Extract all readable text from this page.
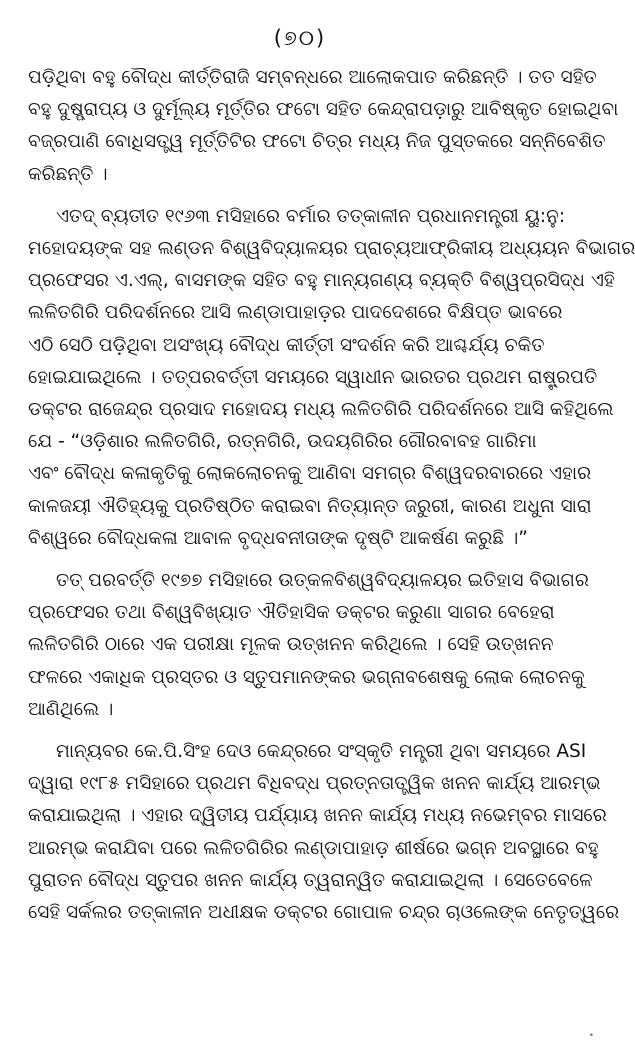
(୭୦)

ପଡ଼ିଥିବା ବହୁ ବୌଦ୍ଧ କୀର୍ତ୍ତିରାଜି ସମ୍ବନ୍ଧରେ ଆଲୋକପାତ କରିଛନ୍ତି । ତତ ସହିତ

ବହୁ ଦୁଷ୍ପ୍ରାପ୍ୟ ଓ ଦୁର୍ମୂଲ୍ୟ ମୂର୍ତ୍ତିର ଫଟୋ ସହିତ କେନ୍ଦ୍ରାପଡ଼ାରୁ ଆବିଷ୍କୃତ ହୋଇଥିବା

ବଜ୍ରପାଣି ବୋଧିସତ୍ତ୍ୱ ମୂର୍ତ୍ତିଟିର ଫଟୋ ଚିତ୍ର ମଧ୍ୟ ନିଜ ପୁସ୍ତକରେ ସନ୍ନିବେଶିତ

କରିଛନ୍ତି ।

ଏତଦ୍ ବ୍ୟତୀତ ୧୯୬୩ ମସିହାରେ ବର୍ମାର ତତ୍କାଳୀନ ପ୍ରଧାନମନ୍ତ୍ରୀ ୟୁ:ନୁ:

ମହୋଦୟଙ୍କ ସହ ଲଣ୍ଡନ ବିଶ୍ୱବିଦ୍ୟାଳୟର ପ୍ରାଚ୍ୟଆଫ୍ରିକୀୟ ଅଧ୍ୟୟନ ବିଭାଗର

ପ୍ରଫେସର ଏ.ଏଲ୍‌, ବାସମଙ୍କ ସହିତ ବହୁ ମାନ୍ୟଗଣ୍ୟ ବ୍ୟକ୍ତି ବିଶ୍ୱପ୍ରସିଦ୍ଧ ଏହି

ଲଳିତଗିରି ପରିଦର୍ଶନରେ ଆସି ଲଣ୍ଡାପାହାଡ଼ର ପାଦଦେଶରେ ବିକ୍ଷିପ୍ତ ଭାବରେ

ଏଠି ସେଠି ପଡ଼ିଥିବା ଅସଂଖ୍ୟ ବୌଦ୍ଧ କୀର୍ତ୍ତୀ ସଂଦର୍ଶନ କରି ଆଶ୍ଚର୍ଯ୍ୟ ଚକିତ

ହୋଇଯାଇଥିଲେ । ତତ୍‌ପରବର୍ତ୍ତୀ ସମୟରେ ସ୍ୱାଧୀନ ଭାରତର ପ୍ରଥମ ରାଷ୍ଟ୍ରପତି

ଡକ୍ଟର ରାଜେନ୍ଦ୍ର ପ୍ରସାଦ ମହୋଦୟ ମଧ୍ୟ ଲଳିତଗିରି ପରିଦର୍ଶନରେ ଆସି କହିଥିଲେ

ଯେ - “ଓଡ଼ିଶାର ଲଳିତଗିରି, ରତ୍ନଗିରି, ଉଦୟଗିରିର ଗୌରବାବହ ଗାରିମା

ଏବଂ ବୌଦ୍ଧ କଳାକୃତିକୁ ଲୋକଲୋଚନକୁ ଆଣିବା ସମଗ୍ର ବିଶ୍ୱଦରବାରରେ ଏହାର

କାଳଜୟୀ ଐତିହ୍ୟକୁ ପ୍ରତିଷ୍ଠିତ କରାଇବା ନିତ୍ୟାନ୍ତ ଜରୁରୀ, କାରଣ ଅଧୁନା ସାରା

ବିଶ୍ୱରେ ବୌଦ୍ଧକଳା ଆବାଳ ବୃଦ୍ଧବନୀତାଙ୍କ ଦୃଷ୍ଟି ଆକର୍ଷଣ କରୁଛି ।”

ତତ୍ ପରବର୍ତ୍ତି ୧୯୭୭ ମସିହାରେ ଉତ୍କଳବିଶ୍ୱବିଦ୍ୟାଳୟର ଇତିହାସ ବିଭାଗର

ପ୍ରଫେସର ତଥା ବିଶ୍ୱବିଖ୍ୟାତ ଐତିହାସିକ ଡକ୍ଟର କରୁଣା ସାଗର ବେହେରା

ଲଳିତଗିରି ଠାରେ ଏକ ପରୀକ୍ଷା ମୂଳକ ଉତ୍‌ଖନନ କରିଥିଲେ । ସେହି ଉତ୍‌ଖନନ

ଫଳରେ ଏକାଧିକ ପ୍ରସ୍ତର ଓ ସ୍ତୁପମାନଙ୍କର ଭଗ୍ନାବଶେଷକୁ ଲୋକ ଲୋଚନକୁ

ଆଣିଥିଲେ ।

ମାନ୍ୟବର କେ.ପି.ସିଂହ ଦେଓ କେନ୍ଦ୍ରରେ ସଂସ୍କୃତି ମନ୍ତ୍ରୀ ଥିବା ସମୟରେ ASI

ଦ୍ୱାରା ୧୯୮୫ ମସିହାରେ ପ୍ରଥମ ବିଧିବଦ୍ଧ ପ୍ରତ୍ନତାତ୍ତ୍ୱିକ ଖନନ କାର୍ଯ୍ୟ ଆରମ୍ଭ

କରାଯାଇଥିଲା । ଏହାର ଦ୍ୱିତୀୟ ପର୍ଯ୍ୟାୟ ଖନନ କାର୍ଯ୍ୟ ମଧ୍ୟ ନଭେମ୍ବର ମାସରେ

ଆରମ୍ଭ କରାଯିବା ପରେ ଲଳିତଗିରିର ଲଣ୍ଡାପାହାଡ଼ ଶୀର୍ଷରେ ଭଗ୍ନ ଅବସ୍ଥାରେ ବହୁ

ପୁରାତନ ବୌଦ୍ଧ ସ୍ତୁପର ଖନନ କାର୍ଯ୍ୟ ତ୍ୱରାନ୍ୱିତ କରାଯାଇଥିଲା । ସେତେବେଳେ

ସେହି ସର୍କଲର ତତ୍କାଳୀନ ଅଧୀକ୍ଷକ ଡକ୍ଟର ଗୋପାଳ ଚନ୍ଦ୍ର ଚାଓଲେଙ୍କ ନେତୃତ୍ୱରେ

•
